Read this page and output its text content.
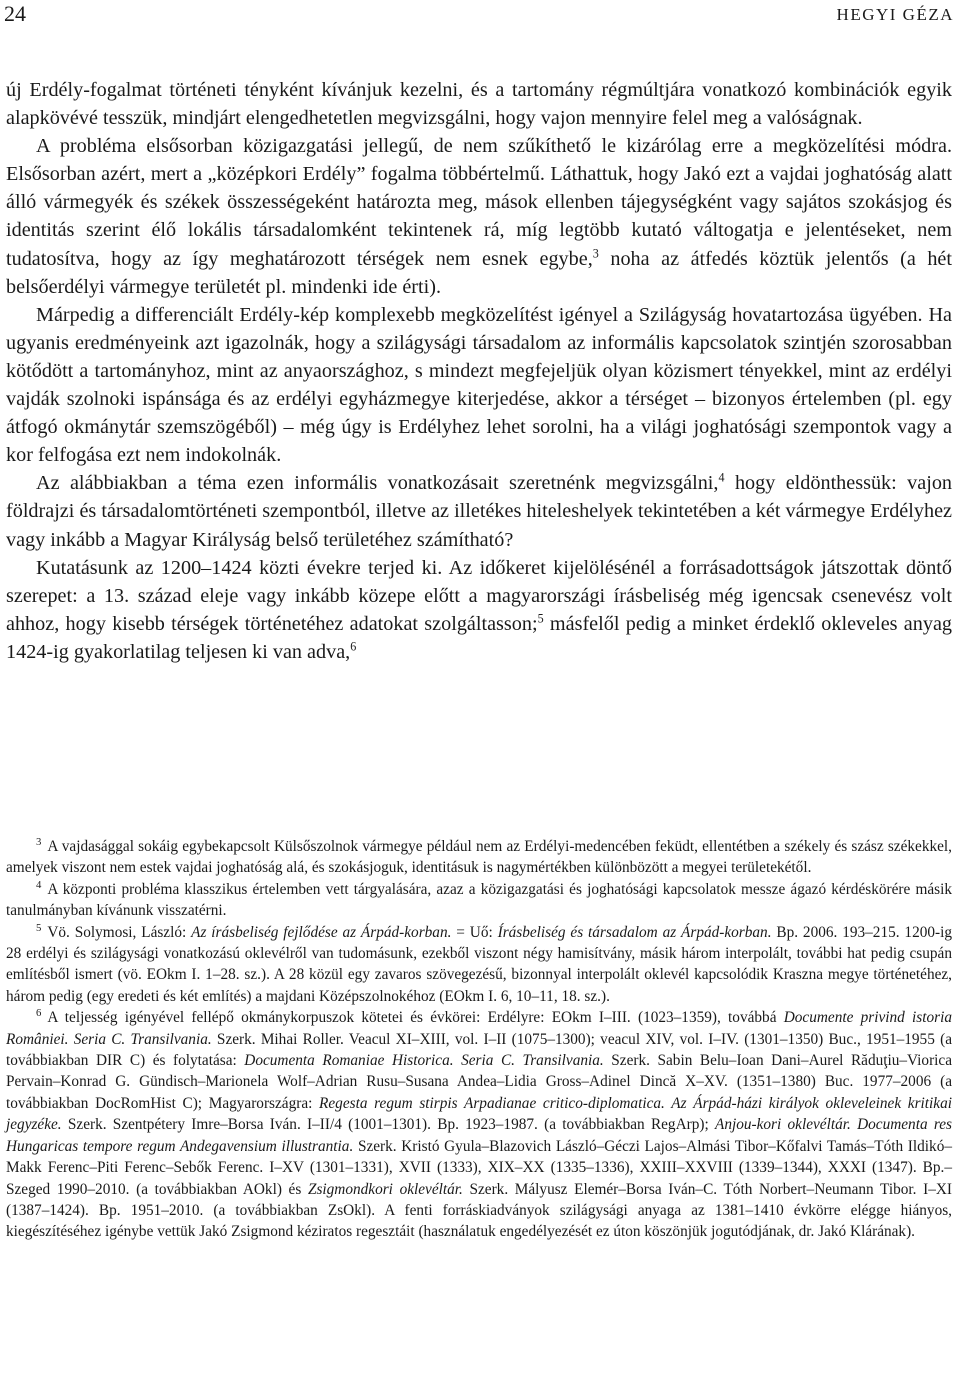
24	HEGYI GÉZA

új Erdély-fogalmat történeti tényként kívánjuk kezelni, és a tartomány régmúltjára vonatkozó kombinációk egyik alapkövévé tesszük, mindjárt elengedhetetlen megvizsgálni, hogy vajon mennyire felel meg a valóságnak.

A probléma elsősorban közigazgatási jellegű, de nem szűkíthető le kizárólag erre a megközelítési módra. Elsősorban azért, mert a „középkori Erdély” fogalma többértelmű. Láthattuk, hogy Jakó ezt a vajdai joghatóság alatt álló vármegyék és székek összességeként határozta meg, mások ellenben tájegységként vagy sajátos szokásjog és identitás szerint élő lokális társadalomként tekintenek rá, míg legtöbb kutató váltogatja e jelentéseket, nem tudatosítva, hogy az így meghatározott térségek nem esnek egybe,$^3$ noha az átfedés köztük jelentős (a hét belsőerdélyi vármegye területét pl. mindenki ide érti).

Márpedig a differenciált Erdély-kép komplexebb megközelítést igényel a Szilágyság hovatartozása ügyében. Ha ugyanis eredményeink azt igazolnák, hogy a szilágysági társadalom az informális kapcsolatok szintjén szorosabban kötődött a tartományhoz, mint az anyaországhoz, s mindezt megfejeljük olyan közismert tényekkel, mint az erdélyi vajdák szolnoki ispánsága és az erdélyi egyházmegye kiterjedése, akkor a térséget – bizonyos értelemben (pl. egy átfogó okmánytár szemszögéből) – még úgy is Erdélyhez lehet sorolni, ha a világi joghatósági szempontok vagy a kor felfogása ezt nem indokolnák.

Az alábbiakban a téma ezen informális vonatkozásait szeretnénk megvizsgálni,$^4$ hogy eldönthessük: vajon földrajzi és társadalomtörténeti szempontból, illetve az illetékes hiteleshelyek tekintetében a két vármegye Erdélyhez vagy inkább a Magyar Királyság belső területéhez számítható?

Kutatásunk az 1200–1424 közti évekre terjed ki. Az időkeret kijelölésénél a forrásadottságok játszottak döntő szerepet: a 13. század eleje vagy inkább közepe előtt a magyarországi írásbeliség még igencsak csenevész volt ahhoz, hogy kisebb térségek történetéhez adatokat szolgáltasson;$^5$ másfelől pedig a minket érdeklő okleveles anyag 1424-ig gyakorlatilag teljesen ki van adva,$^6$

$^3$ A vajdasággal sokáig egybekapcsolt Külsőszolnok vármegye például nem az Erdélyi-medencében feküdt, ellentétben a székely és szász székekkel, amelyek viszont nem estek vajdai joghatóság alá, és szokásjoguk, identitásuk is nagymértékben különbözött a megyei területekétől.

$^4$ A központi probléma klasszikus értelemben vett tárgyalására, azaz a közigazgatási és joghatósági kapcsolatok messze ágazó kérdéskörére másik tanulmányban kívánunk visszatérni.

$^5$ Vö. Solymosi, László: Az írásbeliség fejlődése az Árpád-korban. = Uő: Írásbeliség és társadalom az Árpád-korban. Bp. 2006. 193–215. 1200-ig 28 erdélyi és szilágysági vonatkozású oklevélről van tudomásunk, ezekből viszont négy hamisítvány, másik három interpolált, további hat pedig csupán említésből ismert (vö. EOkm I. 1–28. sz.). A 28 közül egy zavaros szövegezésű, bizonnyal interpolált oklevél kapcsolódik Kraszna megye történetéhez, három pedig (egy eredeti és két említés) a majdani Középszolnokéhoz (EOkm I. 6, 10–11, 18. sz.).

$^6$ A teljesség igényével fellépő okmánykorpuszok kötetei és évkörei: Erdélyre: EOkm I–III. (1023–1359), továbbá Documente privind istoria României. Seria C. Transilvania. Szerk. Mihai Roller. Veacul XI–XIII, vol. I–II (1075–1300); veacul XIV, vol. I–IV. (1301–1350) Buc., 1951–1955 (a továbbiakban DIR C) és folytatása: Documenta Romaniae Historica. Seria C. Transilvania. Szerk. Sabin Belu–Ioan Dani–Aurel Răduţiu–Viorica Pervain–Konrad G. Gündisch–Marionela Wolf–Adrian Rusu–Susana Andea–Lidia Gross–Adinel Dincă X–XV. (1351–1380) Buc. 1977–2006 (a továbbiakban DocRomHist C); Magyarországra: Regesta regum stirpis Arpadianae critico-diplomatica. Az Árpád-házi királyok okleveleinek kritikai jegyzéke. Szerk. Szentpétery Imre–Borsa Iván. I–II/4 (1001–1301). Bp. 1923–1987. (a továbbiakban RegArp); Anjou-kori oklevéltár. Documenta res Hungaricas tempore regum Andegavensium illustrantia. Szerk. Kristó Gyula–Blazovich László–Géczi Lajos–Almási Tibor–Kőfalvi Tamás–Tóth Ildikó–Makk Ferenc–Piti Ferenc–Sebők Ferenc. I–XV (1301–1331), XVII (1333), XIX–XX (1335–1336), XXIII–XXVIII (1339–1344), XXXI (1347). Bp.–Szeged 1990–2010. (a továbbiakban AOkl) és Zsigmondkori oklevéltár. Szerk. Mályusz Elemér–Borsa Iván–C. Tóth Norbert–Neumann Tibor. I–XI (1387–1424). Bp. 1951–2010. (a továbbiakban ZsOkl). A fenti forráskiadványok szilágysági anyaga az 1381–1410 évkörre elégge hiányos, kiegészítéséhez igénybe vettük Jakó Zsigmond kéziratos regesztáit (használatuk engedélyezését ez úton köszönjük jogutódjának, dr. Jakó Klárának).
